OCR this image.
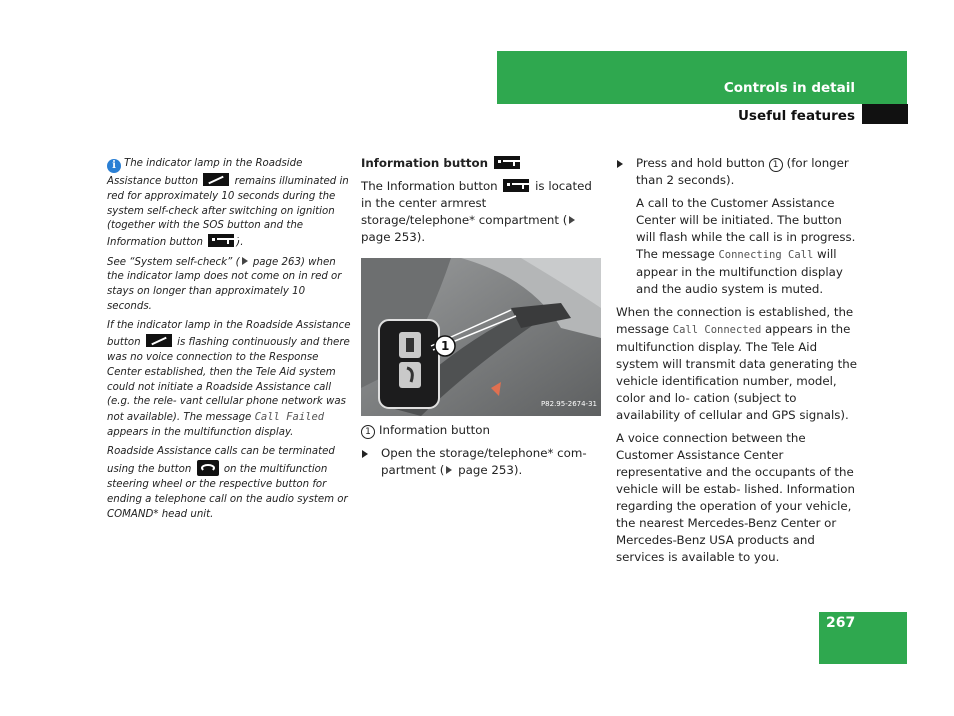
Controls in detail
Useful features

i The indicator lamp in the Roadside Assistance button	remains illuminated in red for approximately 10 seconds during the system self-check after switching on ignition (together with the SOS button and the Information button	).

See “System self-check” ( page 263) when the indicator lamp does not come on in red or stays on longer than approximately 10 seconds.

If the indicator lamp in the Roadside Assistance button	is flashing continuously and there was no voice connection to the Response Center established, then the Tele Aid system could not initiate a Roadside Assistance call (e.g. the rele- vant cellular phone network was not available). The message Call Failed appears in the multifunction display.

Roadside Assistance calls can be terminated using the button	on the multifunction steering wheel or the respective button for ending a telephone call on the audio system or COMAND* head unit.

Information button

The Information button	is located in the center armrest storage/telephone* compartment ( page 253).

P82.95-2674-31
1

1 Information button

Open the storage/telephone* com- partment ( page 253).

Press and hold button 1 (for longer than 2 seconds).

A call to the Customer Assistance Center will be initiated. The button will flash while the call is in progress. The message Connecting Call will appear in the multifunction display and the audio system is muted.

When the connection is established, the message Call Connected appears in the multifunction display. The Tele Aid system will transmit data generating the vehicle identification number, model, color and lo- cation (subject to availability of cellular and GPS signals).

A voice connection between the Customer Assistance Center representative and the occupants of the vehicle will be estab- lished. Information regarding the operation of your vehicle, the nearest Mercedes-Benz Center or Mercedes-Benz USA products and services is available to you.

267
